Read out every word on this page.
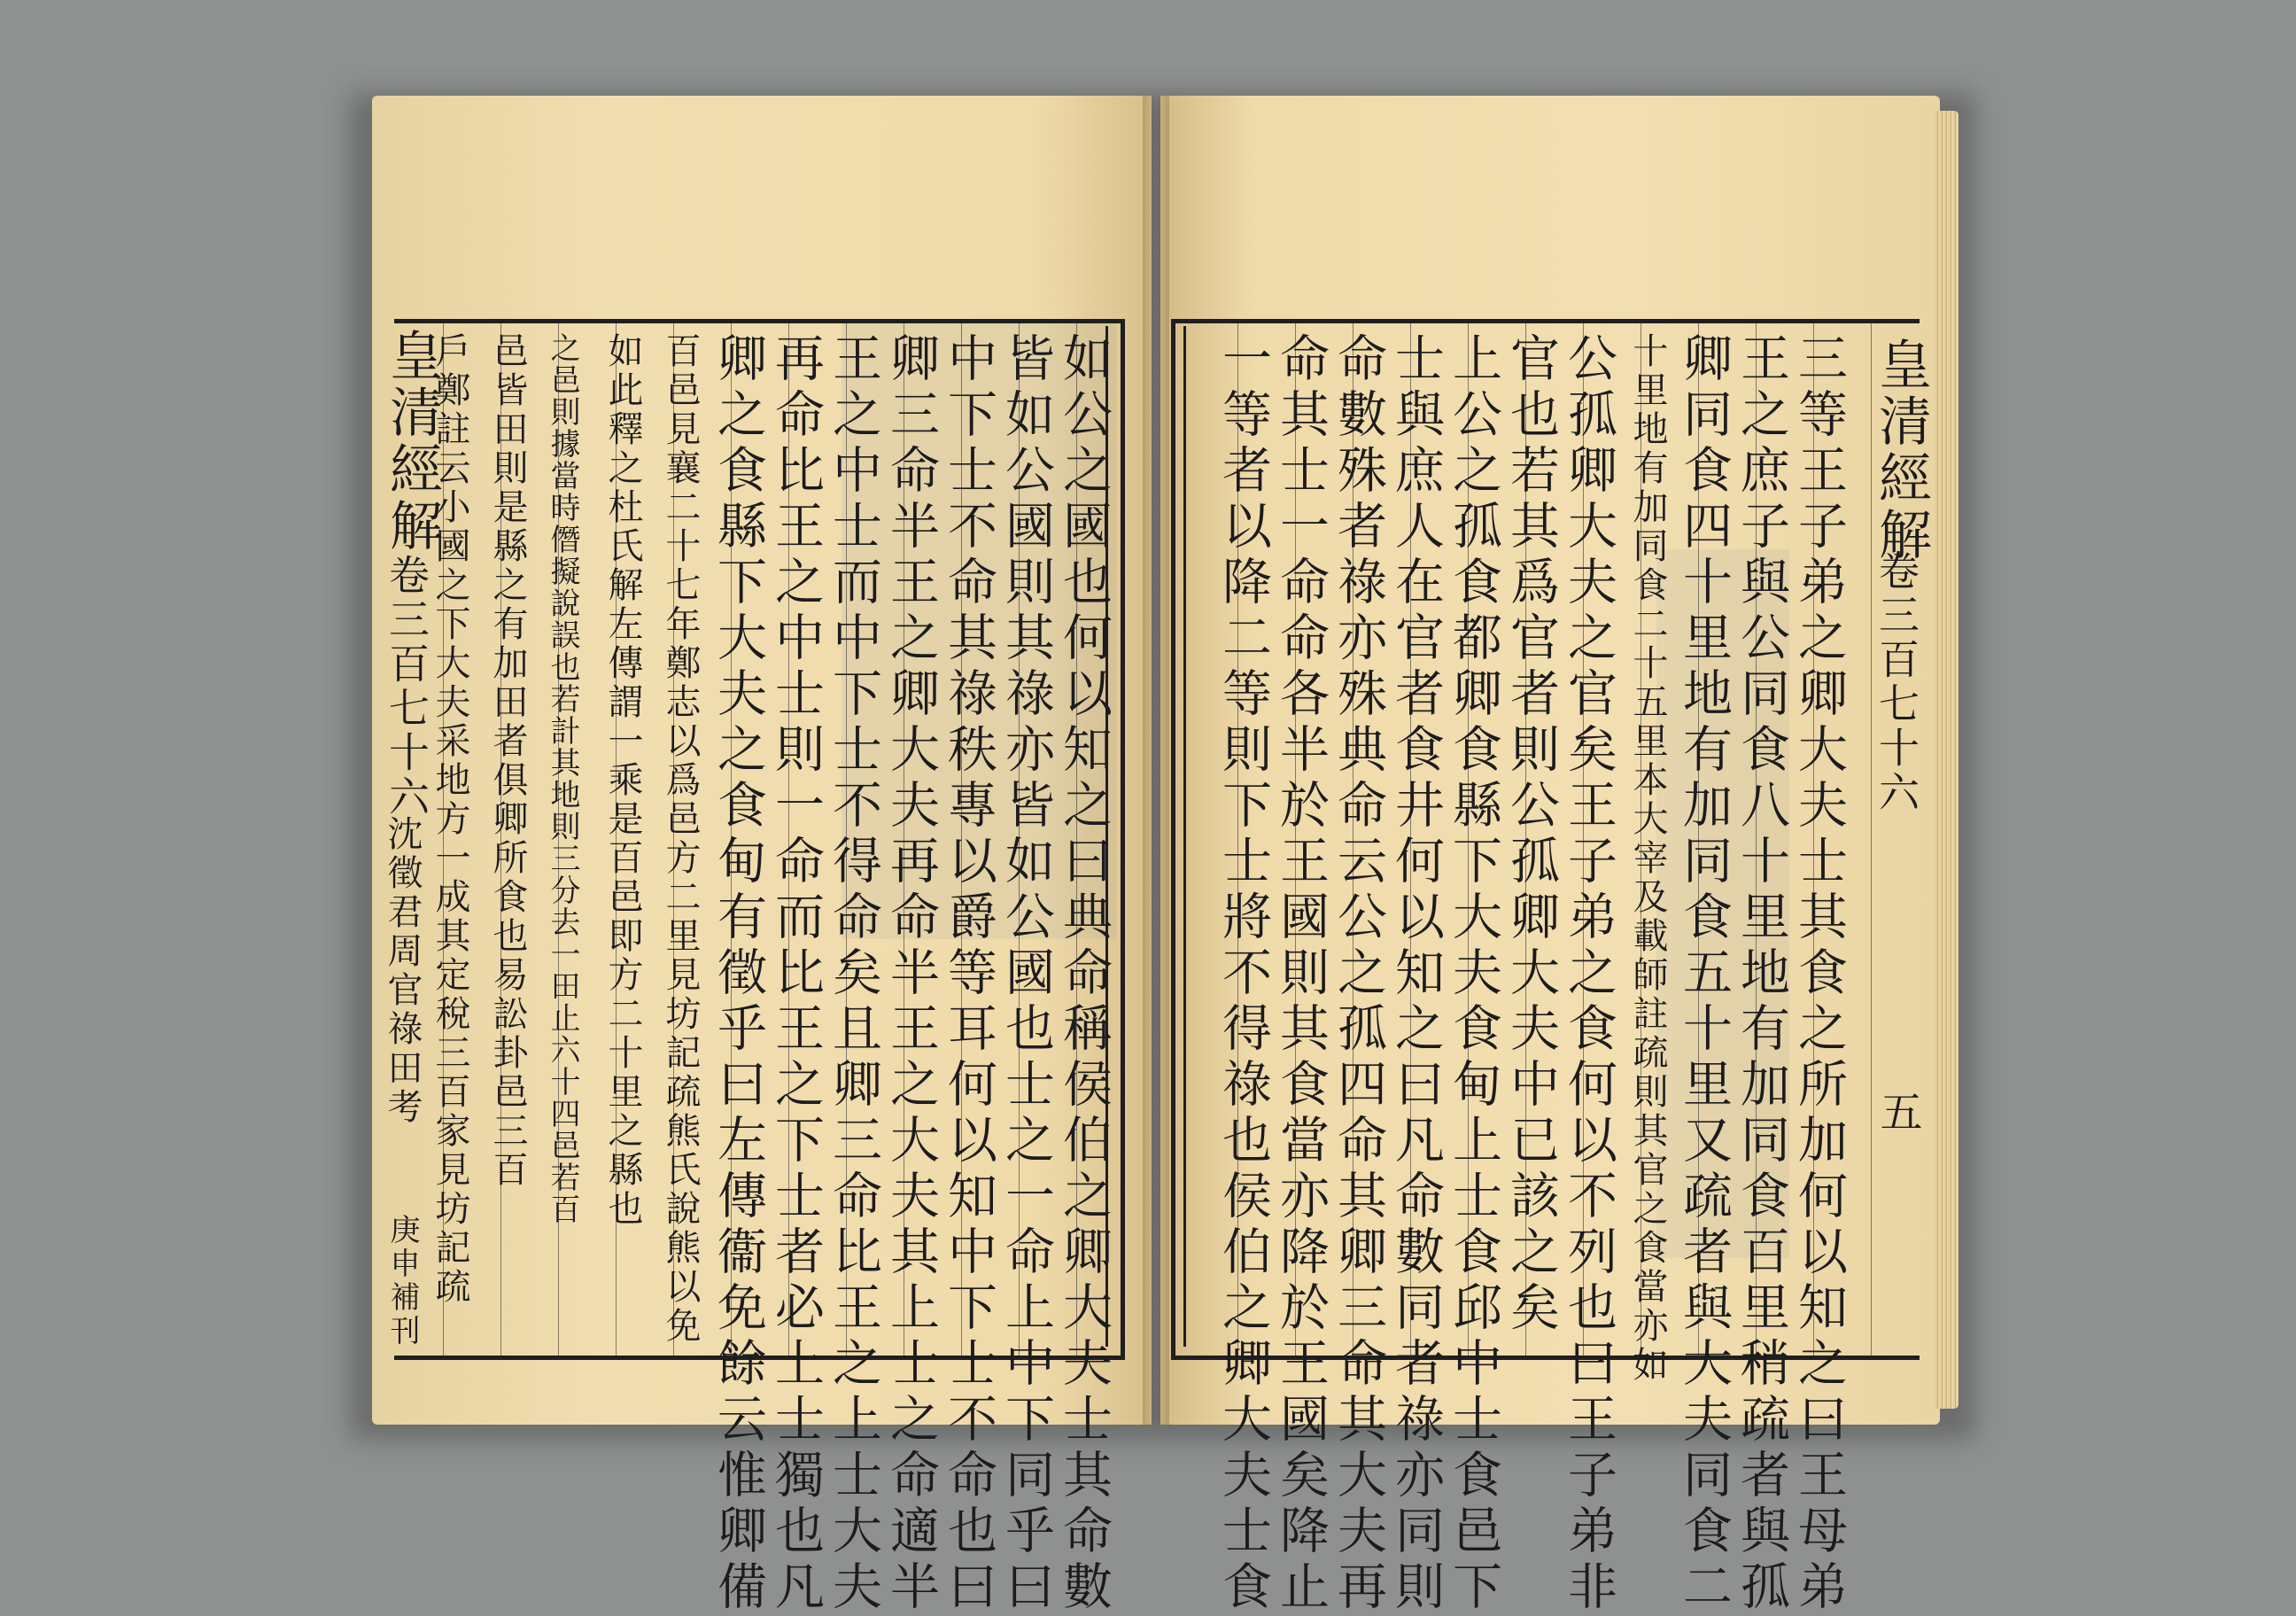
皇清經解
卷三百七十六
沈徵君周官祿田考
庚申補刊	如公之國也何以知之曰典命稱侯伯之卿大夫士其命數
皆如公國則其祿亦皆如公國也士之一命上中下同乎曰
中下士不命其祿秩專以爵等耳何以知中下士不命也曰
卿三命半王之卿大夫再命半王之大夫其上士之命適半
王之中士而中下士不得命矣且卿三命比王之上士大夫
再命比王之中士則一命而比王之下士者必上士獨也凡
卿之食縣下大夫之食甸有徵乎曰左傳衞免餘云惟卿備
百邑見襄二十七年鄭志以爲邑方二里見坊記疏熊氏說熊以免
如此釋之杜氏解左傳謂一乘是百邑即方二十里之縣也
之邑則據當時僭擬說誤也若計其地則三分去一田止六十四邑若百
邑皆田則是縣之有加田者俱卿所食也易訟卦邑三百
戶鄭註云小國之下大夫采地方一成其定稅三百家見坊記疏	皇清經解
卷三百七十六
五
三等王子弟之卿大夫士其食之所加何以知之曰王母弟
王之庶子與公同食八十里地有加同食百里稍疏者與孤
卿同食四十里地有加同食五十里又疏者與大夫同食二
十里地有加同食二十五里本大宰及載師註疏則其官之食當亦如
公孤卿大夫之官矣王子弟之食何以不列也曰王子弟非
官也若其爲官者則公孤卿大夫中已該之矣
上公之孤食都卿食縣下大夫食甸上士食邱中士食邑下
士與庶人在官者食井何以知之曰凡命數同者祿亦同則
命數殊者祿亦殊典命云公之孤四命其卿三命其大夫再
命其士一命命各半於王國則其食當亦降於王國矣降止
一等者以降二等則下士將不得祿也侯伯之卿大夫士食
